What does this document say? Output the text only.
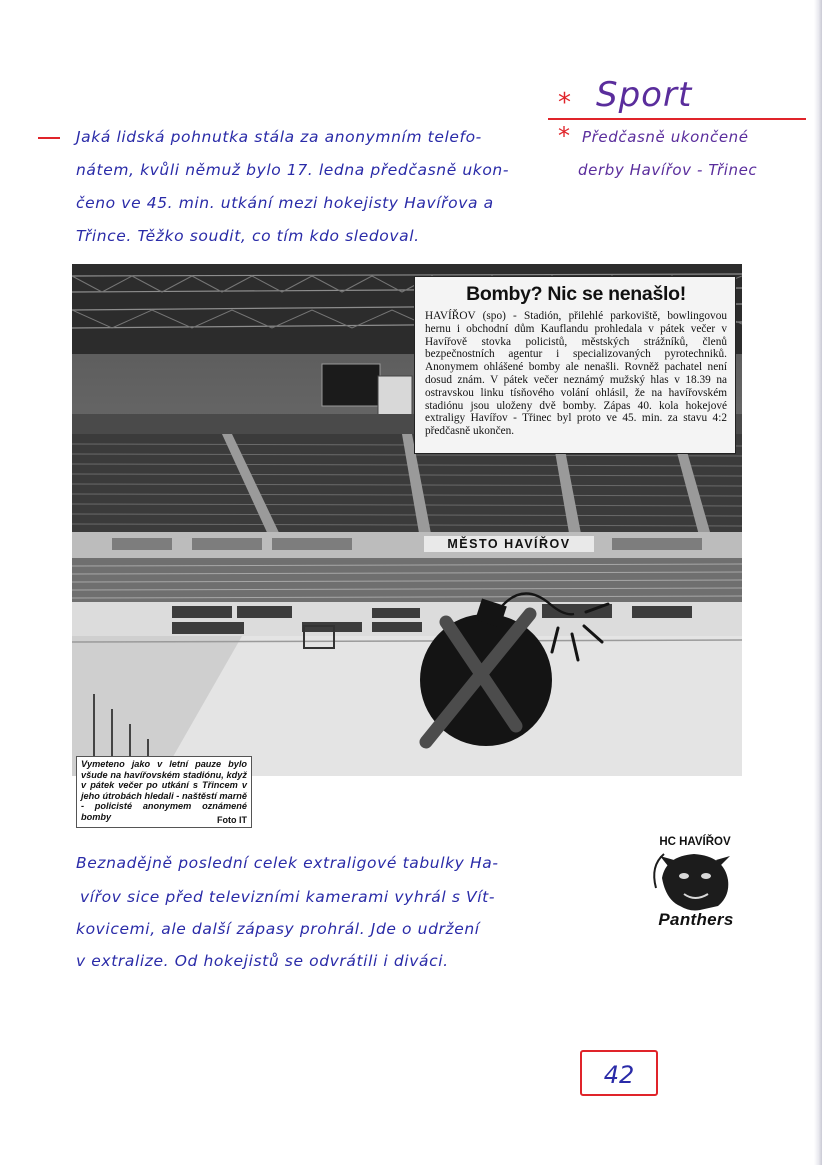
* Sport
Jaká lidská pohnutka stála za anonymním telefo-
nátem, kvůli němuž bylo 17. ledna předčasně ukon-
čeno ve 45. min. utkání mezi hokejisty Havířova a
Třince. Těžko soudit, co tím kdo sledoval.
* Předčasně ukončené
derby Havířov - Třinec
MĚSTO HAVÍŘOV
Bomby? Nic se nenašlo!

HAVÍŘOV (spo) - Stadión, přilehlé parkoviště, bowlingovou hernu i obchodní dům Kauflandu prohledala v pátek večer v Havířově stovka policistů, městských strážníků, členů bezpečnostních agentur i specializovaných pyrotechniků. Anonymem ohlášené bomby ale nenašli. Rovněž pachatel není dosud znám. V pátek večer neznámý mužský hlas v 18.39 na ostravskou linku tísňového volání ohlásil, že na havířovském stadiónu jsou uloženy dvě bomby. Zápas 40. kola hokejové extraligy Havířov - Třinec byl proto ve 45. min. za stavu 4:2 předčasně ukončen.

Vymeteno jako v letní pauze bylo všude na havířovském stadiónu, když v pátek večer po utkání s Třincem v jeho útrobách hledali - naštěstí marně - policisté anonymem oznámené bomby	Foto IT
Beznadějně poslední celek extraligové tabulky Ha-
vířov sice před televizními kamerami vyhrál s Vít-
kovicemi, ale další zápasy prohrál. Jde o udržení
v extralize. Od hokejistů se odvrátili i diváci.
HC HAVÍŘOV
Panthers
42
